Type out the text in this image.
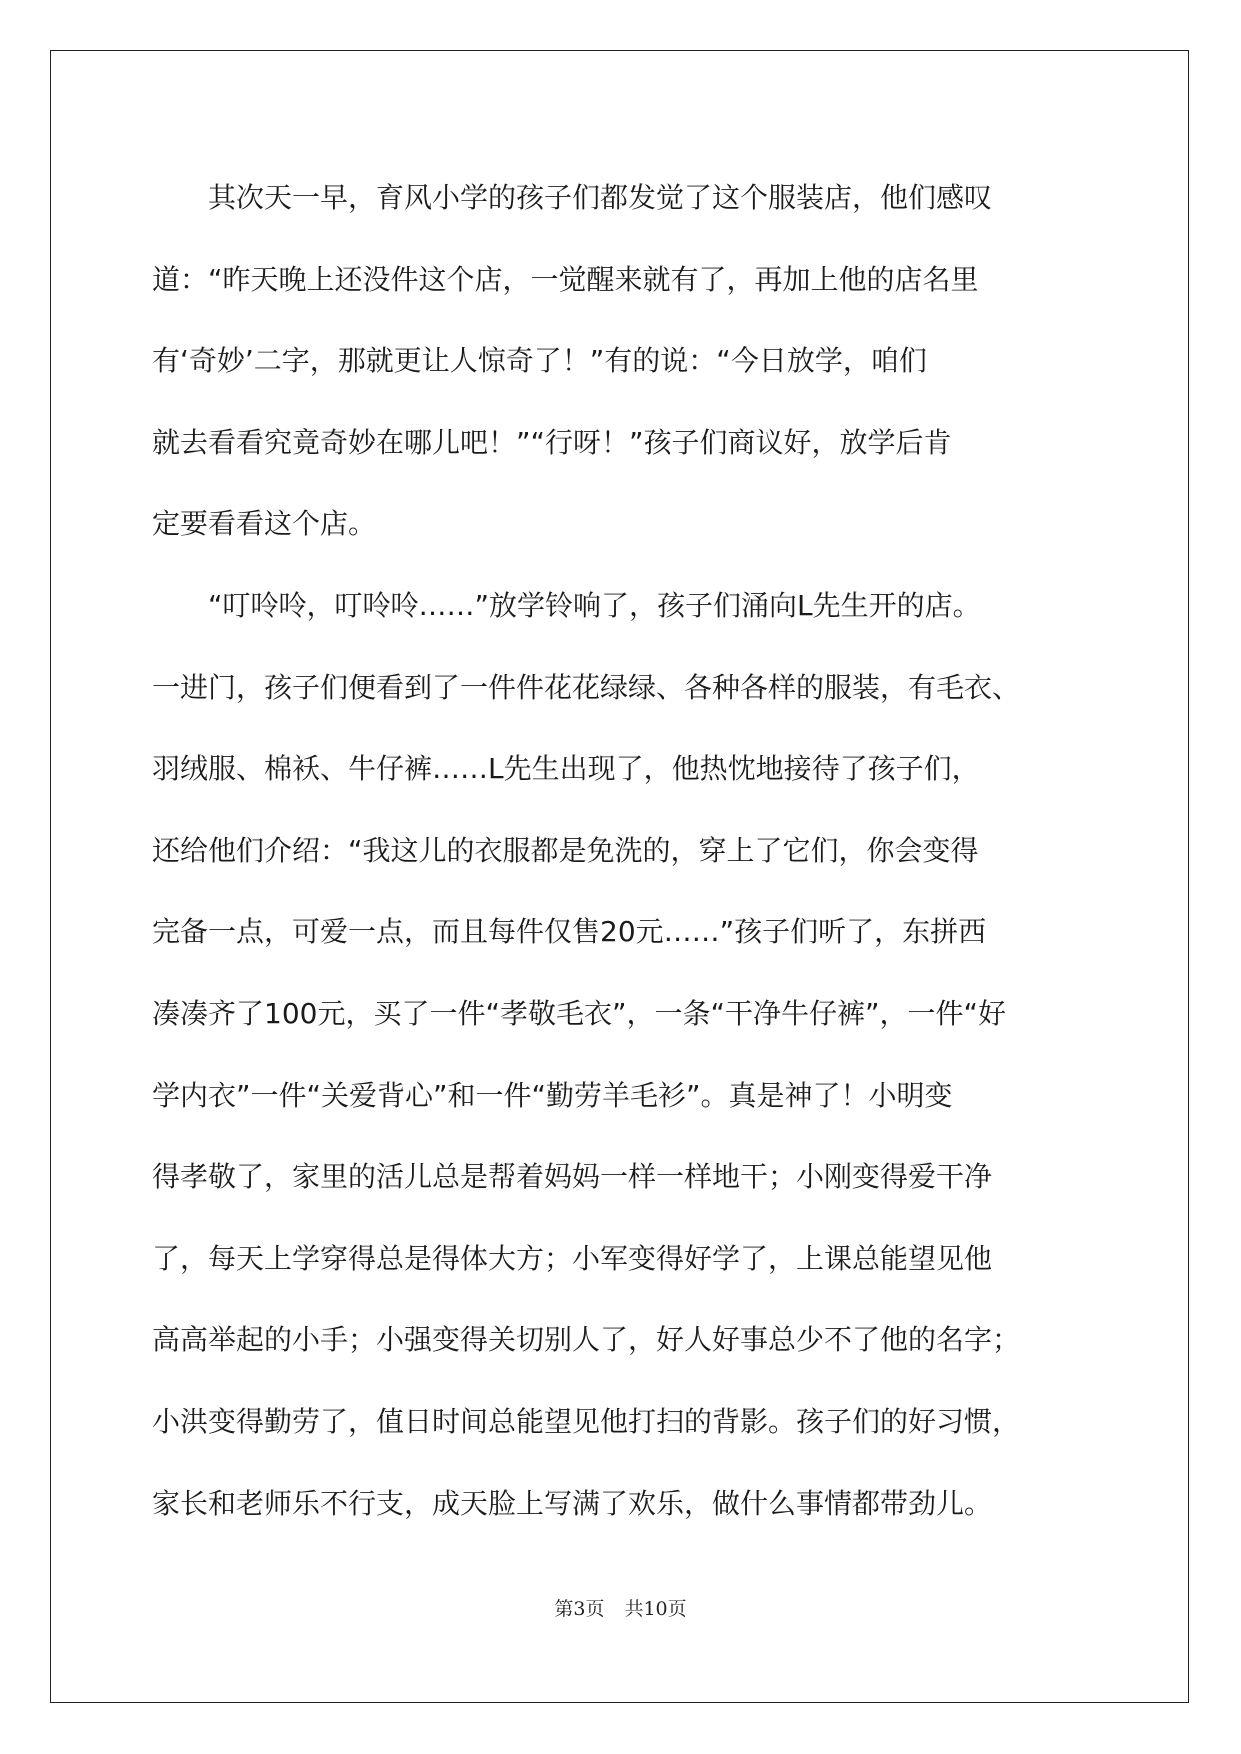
其次天一早，育风小学的孩子们都发觉了这个服装店，他们感叹
道：“昨天晚上还没件这个店，一觉醒来就有了，再加上他的店名里
有‘奇妙’二字，那就更让人惊奇了！”有的说：“今日放学，咱们
就去看看究竟奇妙在哪儿吧！”“行呀！”孩子们商议好，放学后肯
定要看看这个店。

“叮呤呤，叮呤呤……”放学铃响了，孩子们涌向L先生开的店。
一进门，孩子们便看到了一件件花花绿绿、各种各样的服装，有毛衣、
羽绒服、棉袄、牛仔裤……L先生出现了，他热忱地接待了孩子们，
还给他们介绍：“我这儿的衣服都是免洗的，穿上了它们，你会变得
完备一点，可爱一点，而且每件仅售20元……”孩子们听了，东拼西
凑凑齐了100元，买了一件“孝敬毛衣”，一条“干净牛仔裤”，一件“好
学内衣”一件“关爱背心”和一件“勤劳羊毛衫”。真是神了！小明变
得孝敬了，家里的活儿总是帮着妈妈一样一样地干；小刚变得爱干净
了，每天上学穿得总是得体大方；小军变得好学了，上课总能望见他
高高举起的小手；小强变得关切别人了，好人好事总少不了他的名字；
小洪变得勤劳了，值日时间总能望见他打扫的背影。孩子们的好习惯，
家长和老师乐不行支，成天脸上写满了欢乐，做什么事情都带劲儿。

第3页 共10页
